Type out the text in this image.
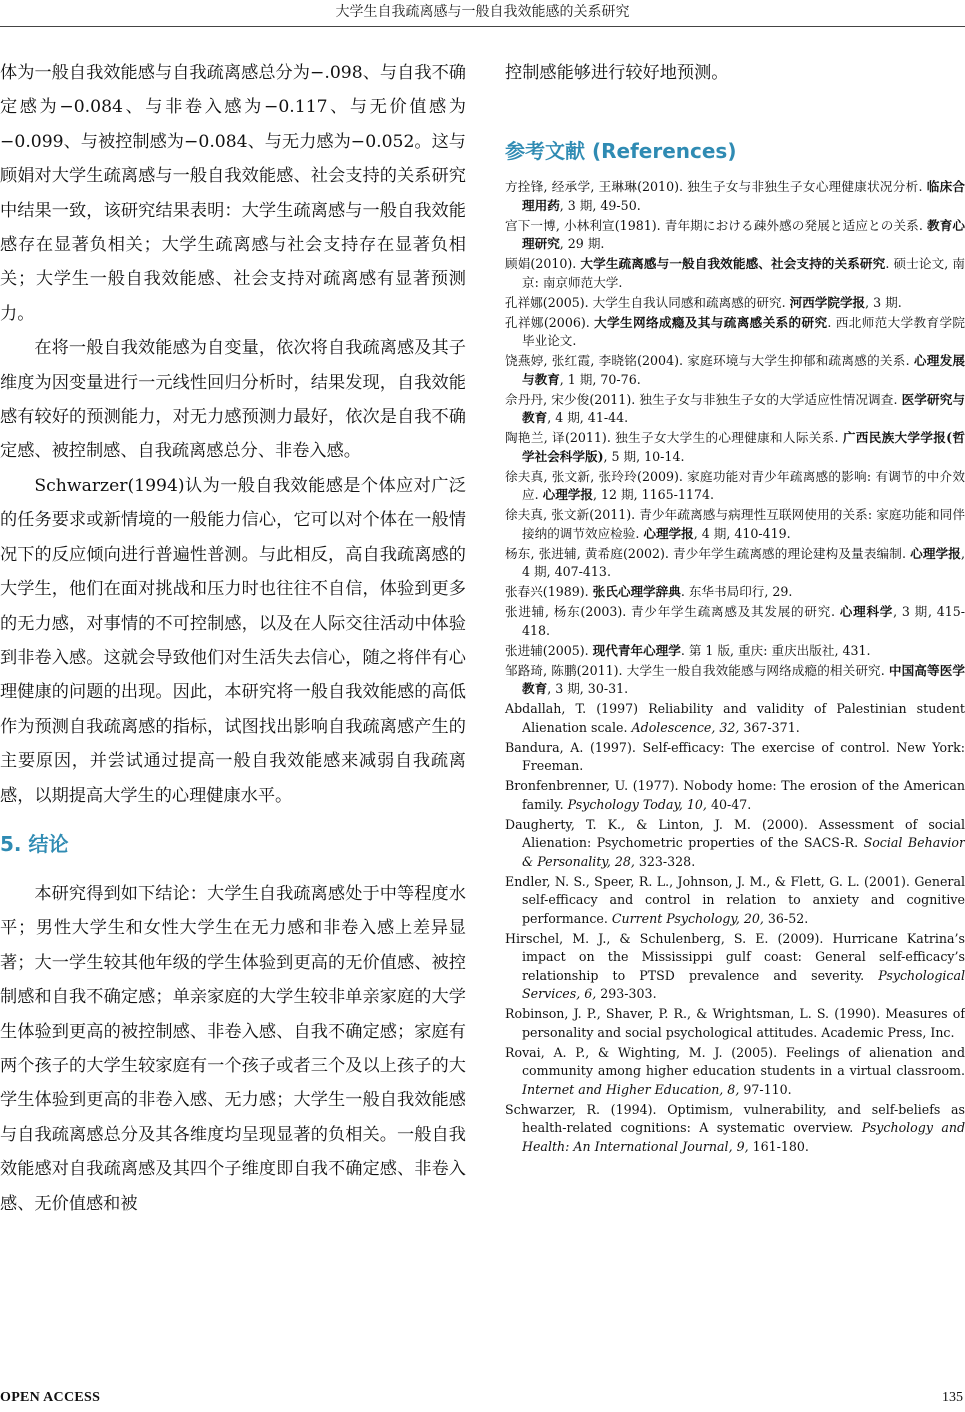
大学生自我疏离感与一般自我效能感的关系研究

体为一般自我效能感与自我疏离感总分为−.098、与自我不确定感为−0.084、与非卷入感为−0.117、与无价值感为−0.099、与被控制感为−0.084、与无力感为−0.052。这与顾娟对大学生疏离感与一般自我效能感、社会支持的关系研究中结果一致，该研究结果表明：大学生疏离感与一般自我效能感存在显著负相关；大学生疏离感与社会支持存在显著负相关；大学生一般自我效能感、社会支持对疏离感有显著预测力。

在将一般自我效能感为自变量，依次将自我疏离感及其子维度为因变量进行一元线性回归分析时，结果发现，自我效能感有较好的预测能力，对无力感预测力最好，依次是自我不确定感、被控制感、自我疏离感总分、非卷入感。

Schwarzer(1994)认为一般自我效能感是个体应对广泛的任务要求或新情境的一般能力信心，它可以对个体在一般情况下的反应倾向进行普遍性普测。与此相反，高自我疏离感的大学生，他们在面对挑战和压力时也往往不自信，体验到更多的无力感，对事情的不可控制感，以及在人际交往活动中体验到非卷入感。这就会导致他们对生活失去信心，随之将伴有心理健康的问题的出现。因此，本研究将一般自我效能感的高低作为预测自我疏离感的指标，试图找出影响自我疏离感产生的主要原因，并尝试通过提高一般自我效能感来减弱自我疏离感，以期提高大学生的心理健康水平。

5. 结论

本研究得到如下结论：大学生自我疏离感处于中等程度水平；男性大学生和女性大学生在无力感和非卷入感上差异显著；大一学生较其他年级的学生体验到更高的无价值感、被控制感和自我不确定感；单亲家庭的大学生较非单亲家庭的大学生体验到更高的被控制感、非卷入感、自我不确定感；家庭有两个孩子的大学生较家庭有一个孩子或者三个及以上孩子的大学生体验到更高的非卷入感、无力感；大学生一般自我效能感与自我疏离感总分及其各维度均呈现显著的负相关。一般自我效能感对自我疏离感及其四个子维度即自我不确定感、非卷入感、无价值感和被

控制感能够进行较好地预测。
参考文献 (References)
方拴锋, 经承学, 王琳琳(2010). 独生子女与非独生子女心理健康状况分析. 临床合理用药, 3 期, 49-50.
宫下一博, 小林利宣(1981). 青年期における疎外感の発展と适应との关系. 教育心理研究, 29 期.
顾娟(2010). 大学生疏离感与一般自我效能感、社会支持的关系研究. 硕士论文, 南京: 南京师范大学.
孔祥娜(2005). 大学生自我认同感和疏离感的研究. 河西学院学报, 3 期.
孔祥娜(2006). 大学生网络成瘾及其与疏离感关系的研究. 西北师范大学教育学院毕业论文.
饶燕婷, 张红霞, 李晓铭(2004). 家庭环境与大学生抑郁和疏离感的关系. 心理发展与教育, 1 期, 70-76.
佘丹丹, 宋少俊(2011). 独生子女与非独生子女的大学适应性情况调查. 医学研究与教育, 4 期, 41-44.
陶艳兰, 译(2011). 独生子女大学生的心理健康和人际关系. 广西民族大学学报(哲学社会科学版), 5 期, 10-14.
徐夫真, 张文新, 张玲玲(2009). 家庭功能对青少年疏离感的影响: 有调节的中介效应. 心理学报, 12 期, 1165-1174.
徐夫真, 张文新(2011). 青少年疏离感与病理性互联网使用的关系: 家庭功能和同伴接纳的调节效应检验. 心理学报, 4 期, 410-419.
杨东, 张进辅, 黄希庭(2002). 青少年学生疏离感的理论建构及量表编制. 心理学报, 4 期, 407-413.
张春兴(1989). 张氏心理学辞典. 东华书局印行, 29.
张进辅, 杨东(2003). 青少年学生疏离感及其发展的研究. 心理科学, 3 期, 415-418.
张进辅(2005). 现代青年心理学. 第 1 版, 重庆: 重庆出版社, 431.
邹路琦, 陈鹏(2011). 大学生一般自我效能感与网络成瘾的相关研究. 中国高等医学教育, 3 期, 30-31.
Abdallah, T. (1997) Reliability and validity of Palestinian student Alienation scale. Adolescence, 32, 367-371.
Bandura, A. (1997). Self-efficacy: The exercise of control. New York: Freeman.
Bronfenbrenner, U. (1977). Nobody home: The erosion of the American family. Psychology Today, 10, 40-47.
Daugherty, T. K., & Linton, J. M. (2000). Assessment of social Alienation: Psychometric properties of the SACS-R. Social Behavior & Personality, 28, 323-328.
Endler, N. S., Speer, R. L., Johnson, J. M., & Flett, G. L. (2001). General self-efficacy and control in relation to anxiety and cognitive performance. Current Psychology, 20, 36-52.
Hirschel, M. J., & Schulenberg, S. E. (2009). Hurricane Katrina’s impact on the Mississippi gulf coast: General self-efficacy’s relationship to PTSD prevalence and severity. Psychological Services, 6, 293-303.
Robinson, J. P., Shaver, P. R., & Wrightsman, L. S. (1990). Measures of personality and social psychological attitudes. Academic Press, Inc.
Rovai, A. P., & Wighting, M. J. (2005). Feelings of alienation and community among higher education students in a virtual classroom. Internet and Higher Education, 8, 97-110.
Schwarzer, R. (1994). Optimism, vulnerability, and self-beliefs as health-related cognitions: A systematic overview. Psychology and Health: An International Journal, 9, 161-180.
OPEN ACCESS	135
